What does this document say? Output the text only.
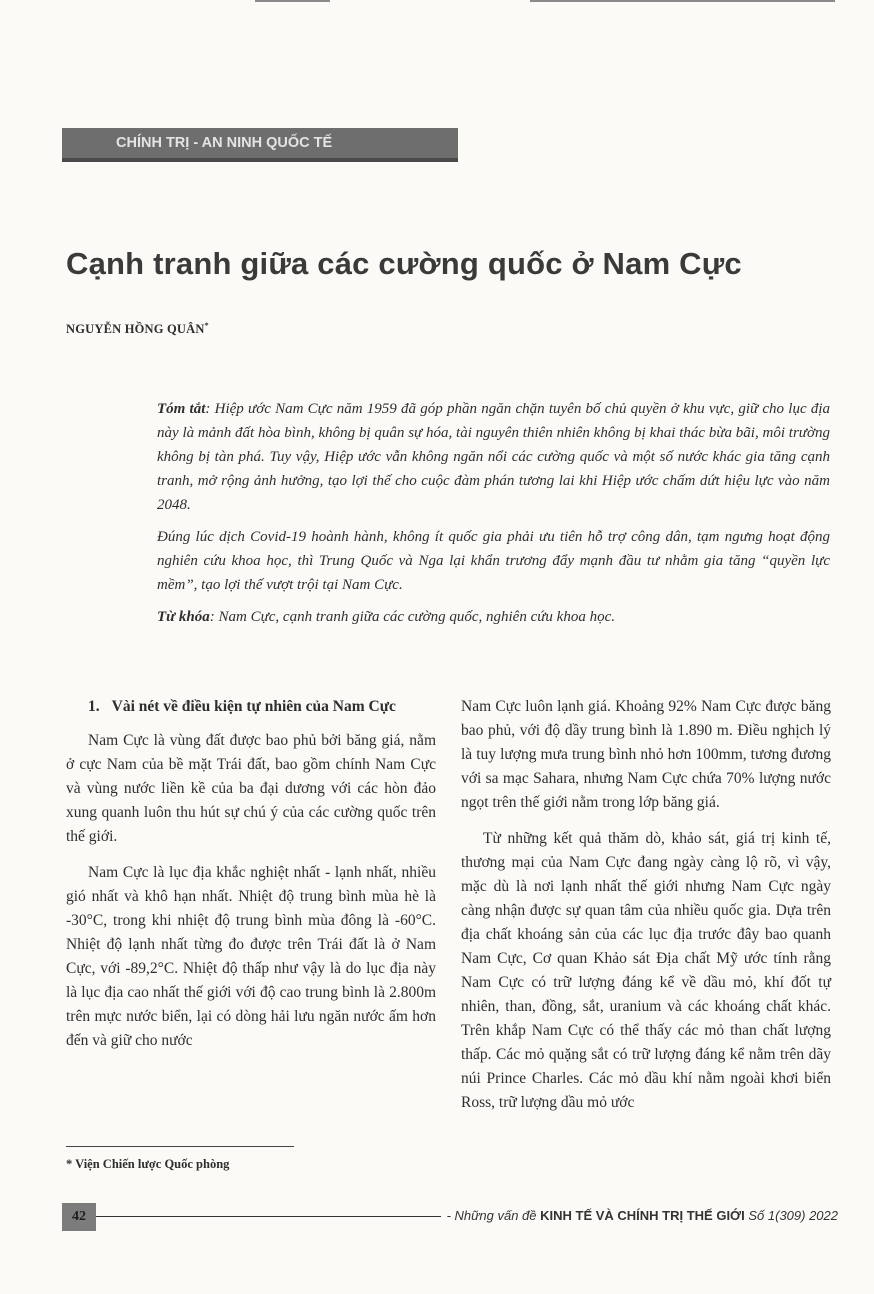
CHÍNH TRỊ - AN NINH QUỐC TẾ
Cạnh tranh giữa các cường quốc ở Nam Cực
NGUYỄN HỒNG QUÂN*

Tóm tắt: Hiệp ước Nam Cực năm 1959 đã góp phần ngăn chặn tuyên bố chủ quyền ở khu vực, giữ cho lục địa này là mảnh đất hòa bình, không bị quân sự hóa, tài nguyên thiên nhiên không bị khai thác bừa bãi, môi trường không bị tàn phá. Tuy vậy, Hiệp ước vẫn không ngăn nổi các cường quốc và một số nước khác gia tăng cạnh tranh, mở rộng ảnh hưởng, tạo lợi thế cho cuộc đàm phán tương lai khi Hiệp ước chấm dứt hiệu lực vào năm 2048.

Đúng lúc dịch Covid-19 hoành hành, không ít quốc gia phải ưu tiên hỗ trợ công dân, tạm ngưng hoạt động nghiên cứu khoa học, thì Trung Quốc và Nga lại khẩn trương đẩy mạnh đầu tư nhằm gia tăng “quyền lực mềm”, tạo lợi thế vượt trội tại Nam Cực.

Từ khóa: Nam Cực, cạnh tranh giữa các cường quốc, nghiên cứu khoa học.

1. Vài nét về điều kiện tự nhiên của Nam Cực

Nam Cực là vùng đất được bao phủ bởi băng giá, nằm ở cực Nam của bề mặt Trái đất, bao gồm chính Nam Cực và vùng nước liền kề của ba đại dương với các hòn đảo xung quanh luôn thu hút sự chú ý của các cường quốc trên thế giới.

Nam Cực là lục địa khắc nghiệt nhất - lạnh nhất, nhiều gió nhất và khô hạn nhất. Nhiệt độ trung bình mùa hè là -30°C, trong khi nhiệt độ trung bình mùa đông là -60°C. Nhiệt độ lạnh nhất từng đo được trên Trái đất là ở Nam Cực, với -89,2°C. Nhiệt độ thấp như vậy là do lục địa này là lục địa cao nhất thế giới với độ cao trung bình là 2.800m trên mực nước biển, lại có dòng hải lưu ngăn nước ấm hơn đến và giữ cho nước

Nam Cực luôn lạnh giá. Khoảng 92% Nam Cực được băng bao phủ, với độ dầy trung bình là 1.890 m. Điều nghịch lý là tuy lượng mưa trung bình nhỏ hơn 100mm, tương đương với sa mạc Sahara, nhưng Nam Cực chứa 70% lượng nước ngọt trên thế giới nằm trong lớp băng giá.

Từ những kết quả thăm dò, khảo sát, giá trị kinh tế, thương mại của Nam Cực đang ngày càng lộ rõ, vì vậy, mặc dù là nơi lạnh nhất thế giới nhưng Nam Cực ngày càng nhận được sự quan tâm của nhiều quốc gia. Dựa trên địa chất khoáng sản của các lục địa trước đây bao quanh Nam Cực, Cơ quan Khảo sát Địa chất Mỹ ước tính rằng Nam Cực có trữ lượng đáng kể về dầu mỏ, khí đốt tự nhiên, than, đồng, sắt, uranium và các khoáng chất khác. Trên khắp Nam Cực có thể thấy các mỏ than chất lượng thấp. Các mỏ quặng sắt có trữ lượng đáng kể nằm trên dãy núi Prince Charles. Các mỏ dầu khí nằm ngoài khơi biển Ross, trữ lượng dầu mỏ ước

* Viện Chiến lược Quốc phòng
42	- Những vấn đề KINH TẾ VÀ CHÍNH TRỊ THẾ GIỚI Số 1(309) 2022
